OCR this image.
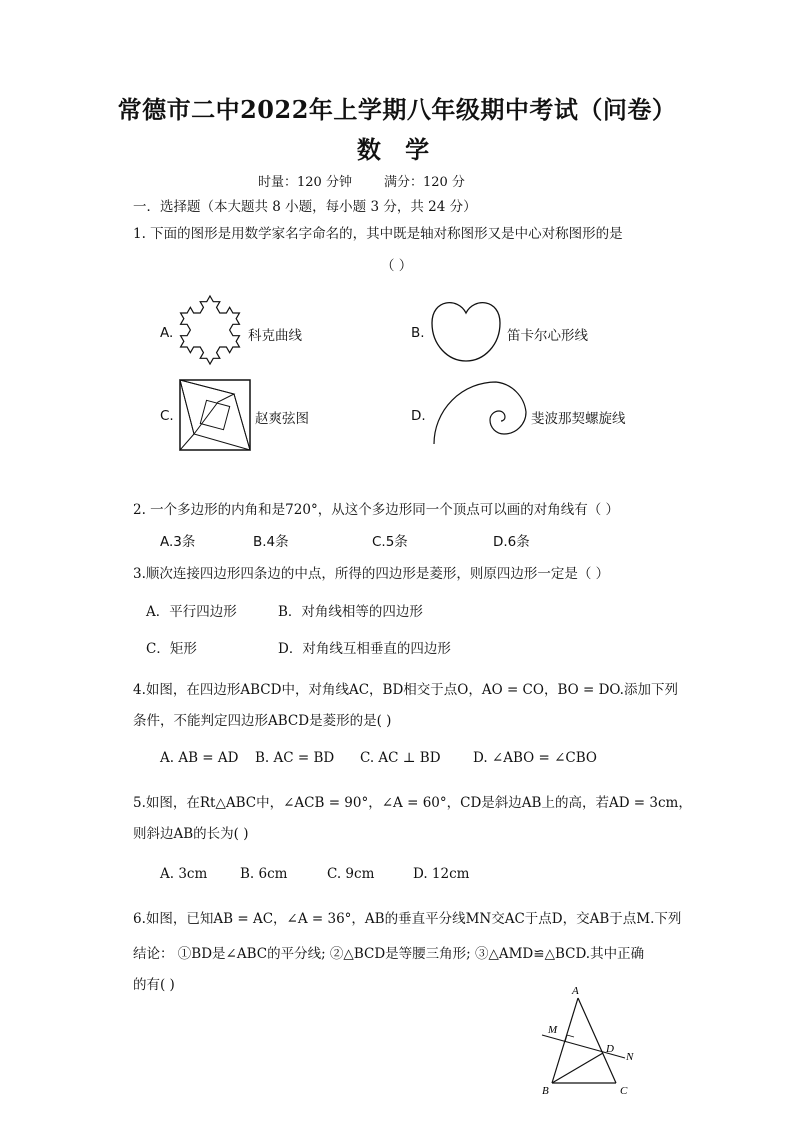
常德市二中2022年上学期八年级期中考试（问卷）
数 学
时量：120 分钟 满分：120 分
一．选择题（本大题共 8 小题，每小题 3 分，共 24 分）
1. 下面的图形是用数学家名字命名的，其中既是轴对称图形又是中心对称图形的是
（ ）
A.	科克曲线	B.	笛卡尔心形线
C.	赵爽弦图	D.	斐波那契螺旋线
2. 一个多边形的内角和是720°，从这个多边形同一个顶点可以画的对角线有（ ）
A.3条	B.4条	C.5条	D.6条
3.顺次连接四边形四条边的中点，所得的四边形是菱形，则原四边形一定是（ ）
A．平行四边形	B．对角线相等的四边形
C．矩形	D．对角线互相垂直的四边形
4.如图，在四边形ABCD中，对角线AC，BD相交于点O，AO = CO，BO = DO.添加下列
条件，不能判定四边形ABCD是菱形的是( )
A. AB = AD B. AC = BD C. AC ⊥ BD D. ∠ABO = ∠CBO
5.如图，在Rt△ABC中，∠ACB = 90°，∠A = 60°，CD是斜边AB上的高，若AD = 3cm，
则斜边AB的长为( )
A. 3cm B. 6cm	C. 9cm	D. 12cm
6.如图，已知AB = AC，∠A = 36°，AB的垂直平分线MN交AC于点D，交AB于点M.下列
结论： ①BD是∠ABC的平分线; ②△BCD是等腰三角形; ③△AMD≌△BCD.其中正确
的有( )	A
B	C
D
M
N
